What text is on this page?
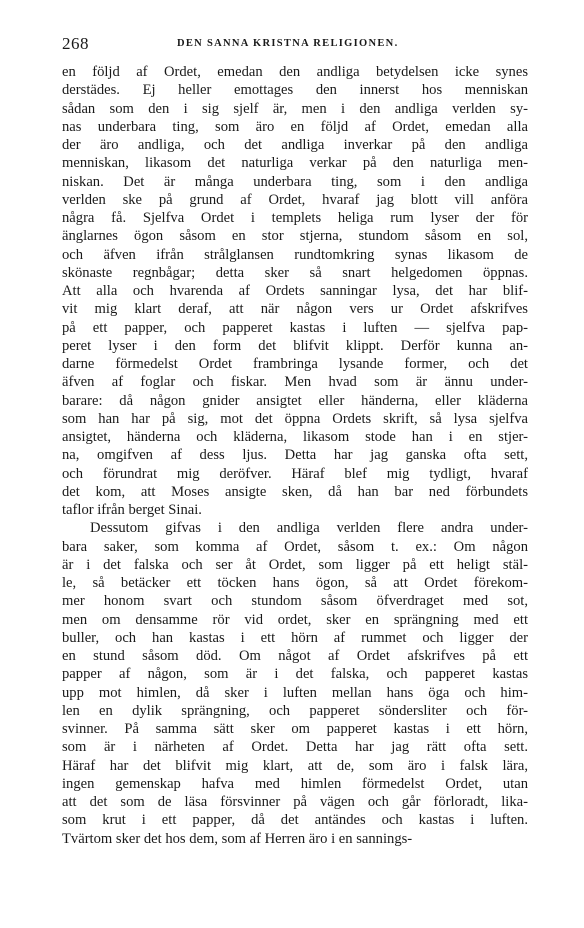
268	DEN SANNA KRISTNA RELIGIONEN.
en följd af Ordet, emedan den andliga betydelsen icke synes
derstädes. Ej heller emottages den innerst hos menniskan
sådan som den i sig sjelf är, men i den andliga verlden sy-
nas underbara ting, som äro en följd af Ordet, emedan alla
der äro andliga, och det andliga inverkar på den andliga
menniskan, likasom det naturliga verkar på den naturliga men-
niskan. Det är många underbara ting, som i den andliga
verlden ske på grund af Ordet, hvaraf jag blott vill anföra
några få. Sjelfva Ordet i templets heliga rum lyser der för
änglarnes ögon såsom en stor stjerna, stundom såsom en sol,
och äfven ifrån strålglansen rundtomkring synas likasom de
skönaste regnbågar; detta sker så snart helgedomen öppnas.
Att alla och hvarenda af Ordets sanningar lysa, det har blif-
vit mig klart deraf, att när någon vers ur Ordet afskrifves
på ett papper, och papperet kastas i luften — sjelfva pap-
peret lyser i den form det blifvit klippt. Derför kunna an-
darne förmedelst Ordet frambringa lysande former, och det
äfven af foglar och fiskar. Men hvad som är ännu under-
barare: då någon gnider ansigtet eller händerna, eller kläderna
som han har på sig, mot det öppna Ordets skrift, så lysa sjelfva
ansigtet, händerna och kläderna, likasom stode han i en stjer-
na, omgifven af dess ljus. Detta har jag ganska ofta sett,
och förundrat mig deröfver. Häraf blef mig tydligt, hvaraf
det kom, att Moses ansigte sken, då han bar ned förbundets
taflor ifrån berget Sinai.
Dessutom gifvas i den andliga verlden flere andra under-
bara saker, som komma af Ordet, såsom t. ex.: Om någon
är i det falska och ser åt Ordet, som ligger på ett heligt stäl-
le, så betäcker ett töcken hans ögon, så att Ordet förekom-
mer honom svart och stundom såsom öfverdraget med sot,
men om densamme rör vid ordet, sker en sprängning med ett
buller, och han kastas i ett hörn af rummet och ligger der
en stund såsom död. Om något af Ordet afskrifves på ett
papper af någon, som är i det falska, och papperet kastas
upp mot himlen, då sker i luften mellan hans öga och him-
len en dylik sprängning, och papperet söndersliter och för-
svinner. På samma sätt sker om papperet kastas i ett hörn,
som är i närheten af Ordet. Detta har jag rätt ofta sett.
Häraf har det blifvit mig klart, att de, som äro i falsk lära,
ingen gemenskap hafva med himlen förmedelst Ordet, utan
att det som de läsa försvinner på vägen och går förloradt, lika-
som krut i ett papper, då det antändes och kastas i luften.
Tvärtom sker det hos dem, som af Herren äro i en sannings-
